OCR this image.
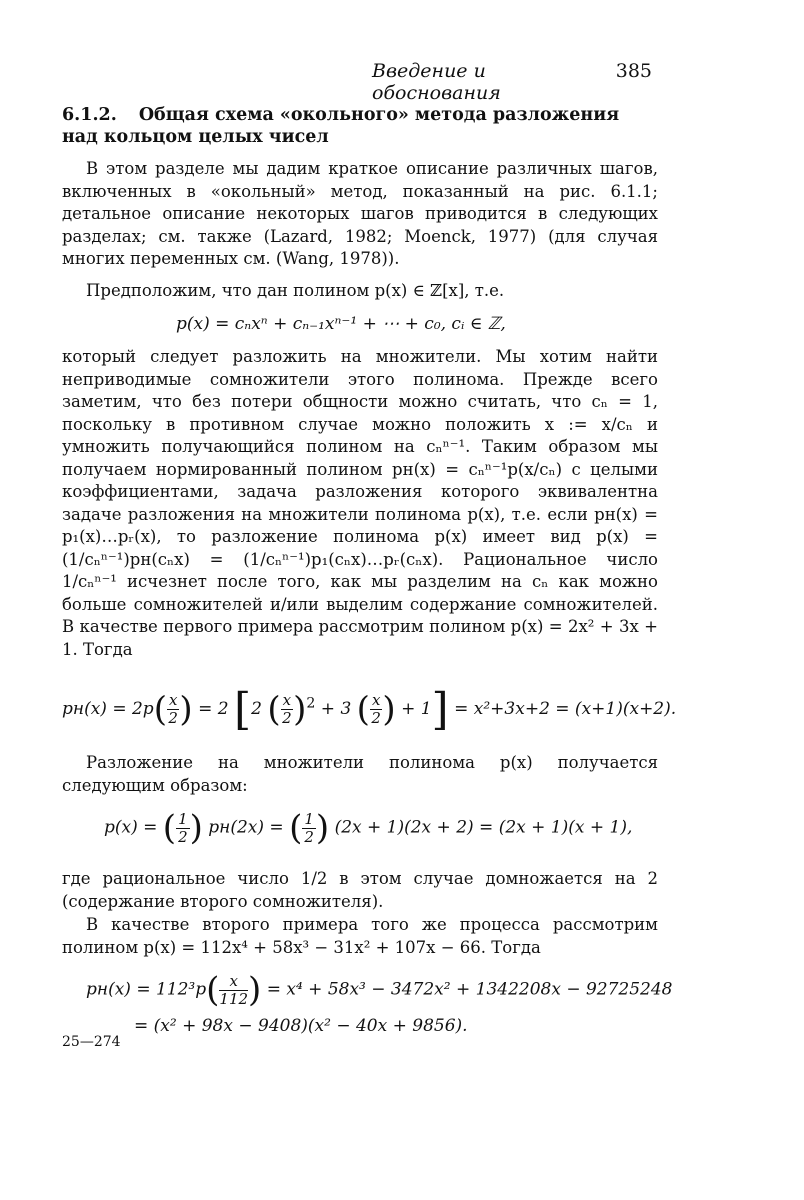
Введение и обоснования
385
6.1.2. Общая схема «окольного» метода разложения над кольцом целых чисел
В этом разделе мы дадим краткое описание различных шагов, включенных в «окольный» метод, показанный на рис. 6.1.1; детальное описание некоторых шагов приводится в следующих разделах; см. также (Lazard, 1982; Moenck, 1977) (для случая многих переменных см. (Wang, 1978)).
Предположим, что дан полином p(x) ∈ ℤ[x], т.е.
p(x) = cₙxⁿ + cₙ₋₁xⁿ⁻¹ + ⋯ + c₀, cᵢ ∈ ℤ,
который следует разложить на множители. Мы хотим найти неприводимые сомножители этого полинома. Прежде всего заметим, что без потери общности можно считать, что cₙ = 1, поскольку в противном случае можно положить x := x/cₙ и умножить получающийся полином на cₙⁿ⁻¹. Таким образом мы получаем нормированный полином pн(x) = cₙⁿ⁻¹p(x/cₙ) с целыми коэффициентами, задача разложения которого эквивалентна задаче разложения на множители полинома p(x), т.е. если pн(x) = p₁(x)…pᵣ(x), то разложение полинома p(x) имеет вид p(x) = (1/cₙⁿ⁻¹)pн(cₙx) = (1/cₙⁿ⁻¹)p₁(cₙx)…pᵣ(cₙx). Рациональное число 1/cₙⁿ⁻¹ исчезнет после того, как мы разделим на cₙ как можно больше сомножителей и/или выделим содержание сомножителей. В качестве первого примера рассмотрим полином p(x) = 2x² + 3x + 1. Тогда
$pн(x) = 2p( \frac{x}{2}$ ) = 2 [2 ( $\frac{x}{2} )^2 + 3$ ( $\frac{x}{2}$ ) + 1] = x²+3x+2 = (x+1)(x+2).
Разложение на множители полинома p(x) получается следующим образом:
p(x) = ( $\frac{1}{2}$ ) pн(2x) = ( $\frac{1}{2}$ ) (2x + 1)(2x + 2) = (2x + 1)(x + 1),
где рациональное число 1/2 в этом случае домножается на 2 (содержание второго сомножителя).
В качестве второго примера того же процесса рассмотрим полином p(x) = 112x⁴ + 58x³ − 31x² + 107x − 66. Тогда
$pн(x) = 112^3p( \frac{x}{112}$ ) = x⁴ + 58x³ − 3472x² + 1342208x − 92725248
= (x² + 98x − 9408)(x² − 40x + 9856).
25—274
